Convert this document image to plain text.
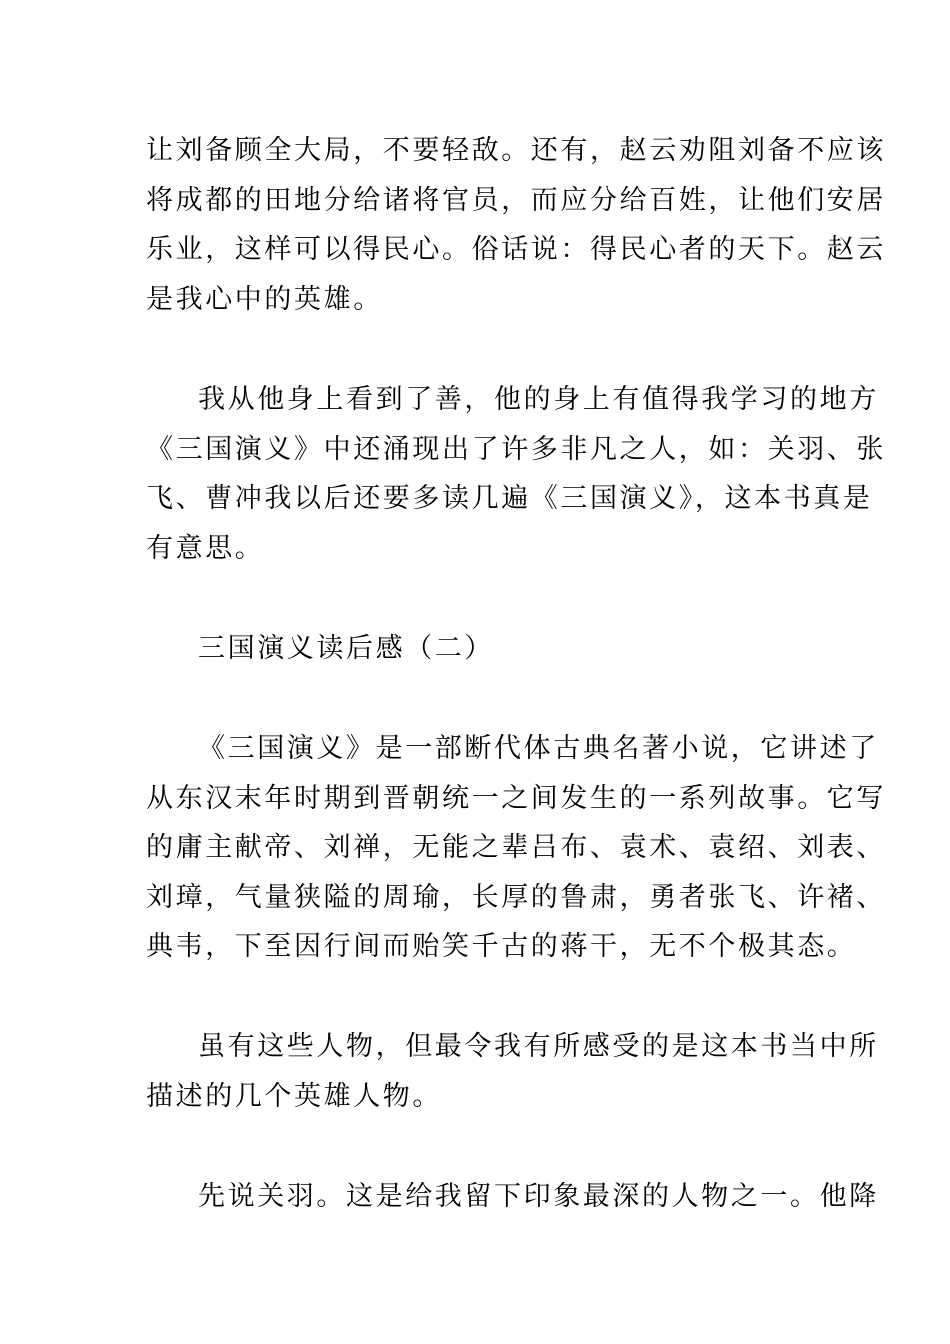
让刘备顾全大局，不要轻敌。还有，赵云劝阻刘备不应该
将成都的田地分给诸将官员，而应分给百姓，让他们安居
乐业，这样可以得民心。俗话说：得民心者的天下。赵云
是我心中的英雄。

我从他身上看到了善，他的身上有值得我学习的地方
《三国演义》中还涌现出了许多非凡之人，如：关羽、张
飞、曹冲我以后还要多读几遍《三国演义》，这本书真是
有意思。

三国演义读后感（二）

《三国演义》是一部断代体古典名著小说，它讲述了
从东汉末年时期到晋朝统一之间发生的一系列故事。它写
的庸主献帝、刘禅，无能之辈吕布、袁术、袁绍、刘表、
刘璋，气量狭隘的周瑜，长厚的鲁肃，勇者张飞、许褚、
典韦，下至因行间而贻笑千古的蒋干，无不个极其态。

虽有这些人物，但最令我有所感受的是这本书当中所
描述的几个英雄人物。

先说关羽。这是给我留下印象最深的人物之一。他降
